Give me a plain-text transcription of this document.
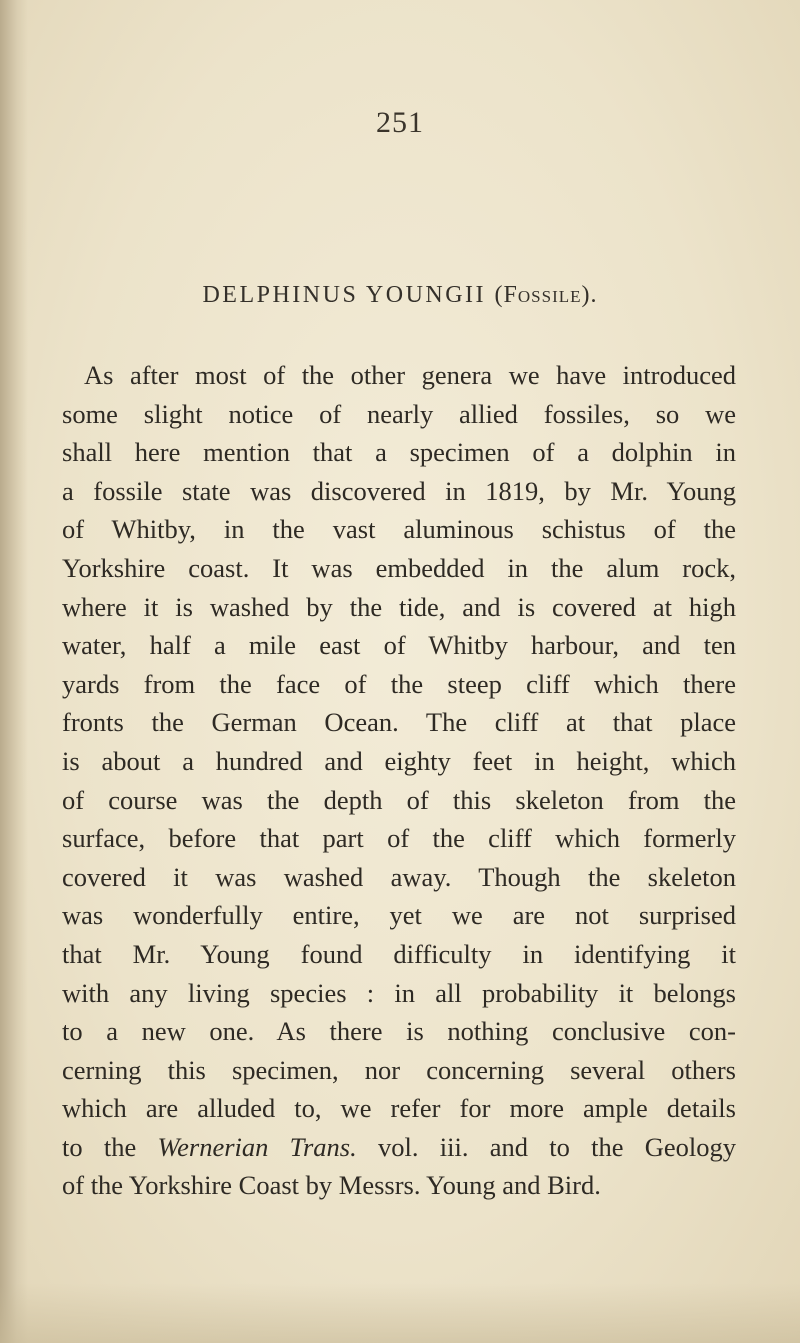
251
DELPHINUS YOUNGII (FOSSILE).
As after most of the other genera we have introduced
some slight notice of nearly allied fossiles, so we
shall here mention that a specimen of a dolphin in
a fossile state was discovered in 1819, by Mr. Young
of Whitby, in the vast aluminous schistus of the
Yorkshire coast. It was embedded in the alum rock,
where it is washed by the tide, and is covered at high
water, half a mile east of Whitby harbour, and ten
yards from the face of the steep cliff which there
fronts the German Ocean. The cliff at that place
is about a hundred and eighty feet in height, which
of course was the depth of this skeleton from the
surface, before that part of the cliff which formerly
covered it was washed away. Though the skeleton
was wonderfully entire, yet we are not surprised
that Mr. Young found difficulty in identifying it
with any living species : in all probability it belongs
to a new one. As there is nothing conclusive con-
cerning this specimen, nor concerning several others
which are alluded to, we refer for more ample details
to the Wernerian Trans. vol. iii. and to the Geology
of the Yorkshire Coast by Messrs. Young and Bird.
